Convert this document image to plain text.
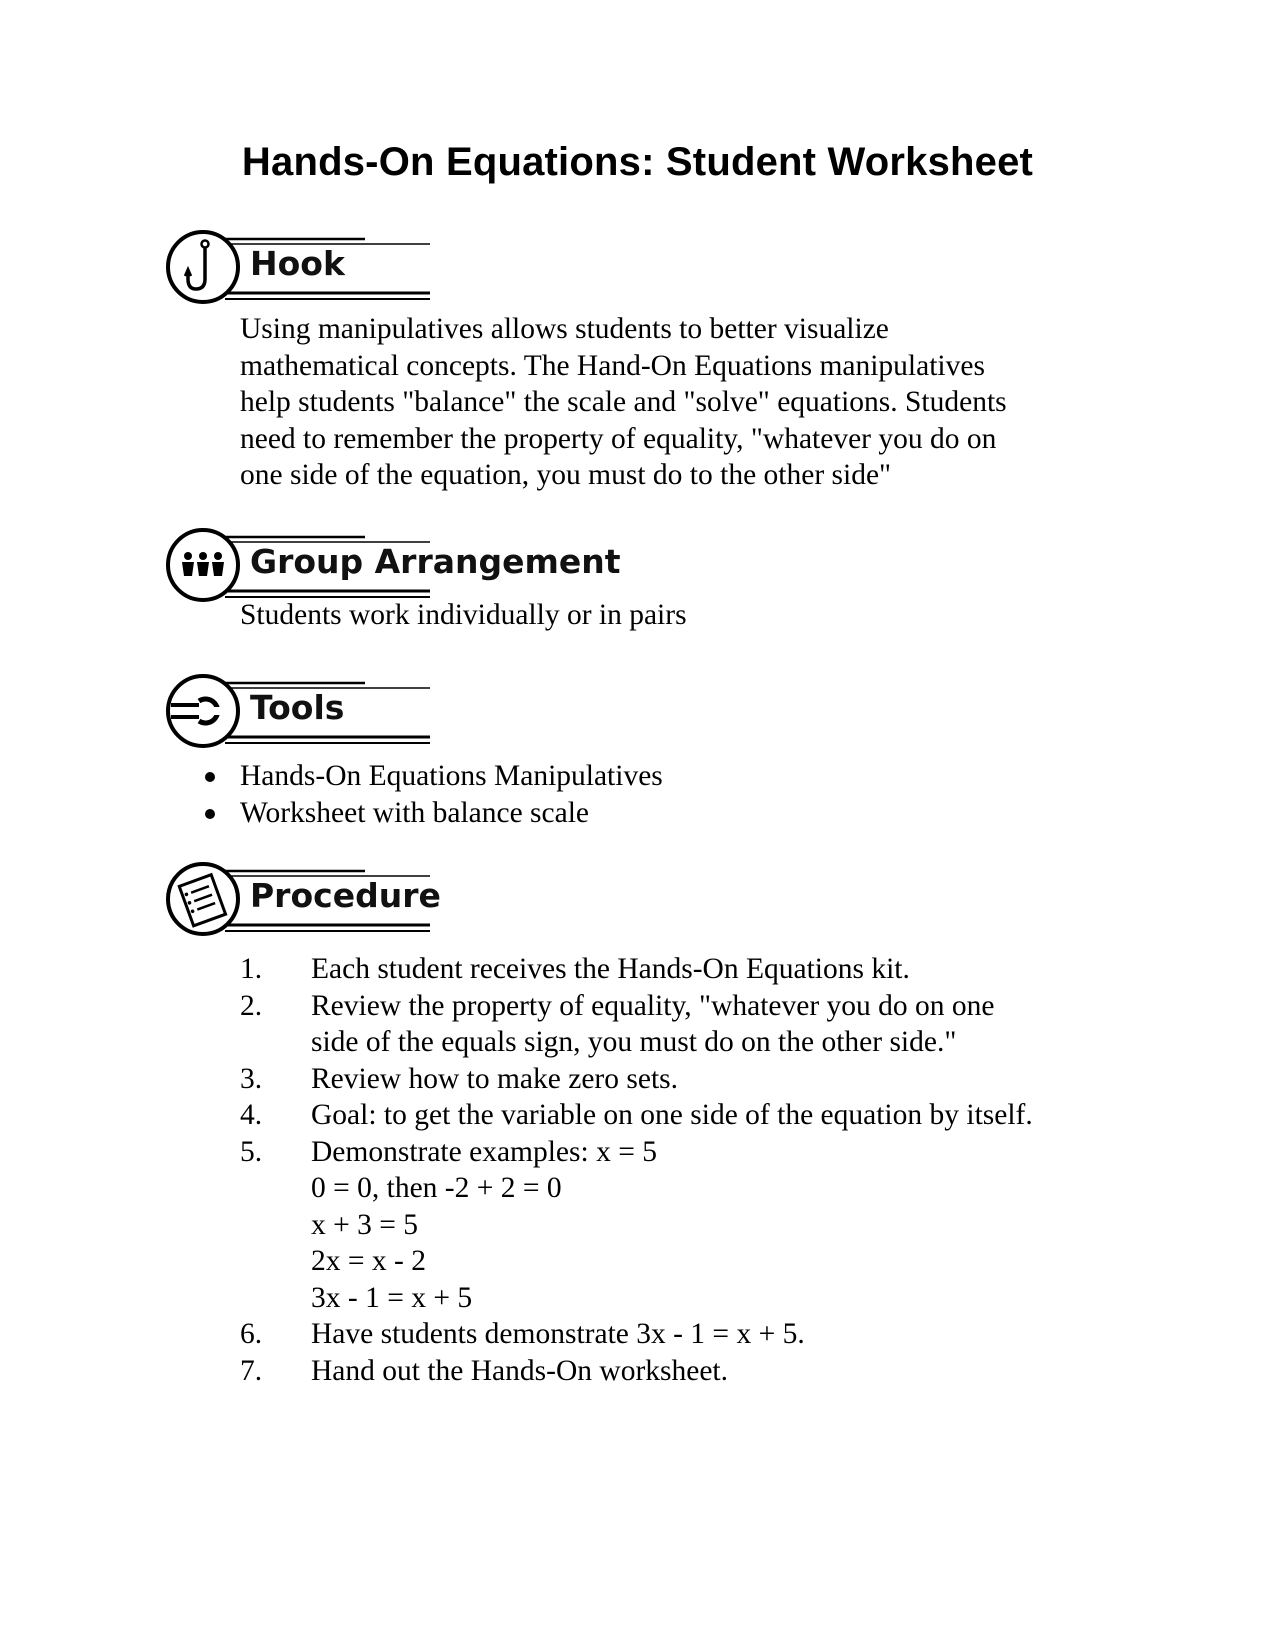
Hands-On Equations: Student Worksheet
Hook

Using manipulatives allows students to better visualize
mathematical concepts. The Hand-On Equations manipulatives
help students "balance" the scale and "solve" equations. Students
need to remember the property of equality, "whatever you do on
one side of the equation, you must do to the other side"

Group Arrangement

Students work individually or in pairs

Tools
Hands-On Equations Manipulatives
Worksheet with balance scale
Procedure
1. Each student receives the Hands-On Equations kit.
2. Review the property of equality, "whatever you do on one
side of the equals sign, you must do on the other side."
3. Review how to make zero sets.
4. Goal: to get the variable on one side of the equation by itself.
5. Demonstrate examples: x = 5
0 = 0, then -2 + 2 = 0
x + 3 = 5
2x = x - 2
3x - 1 = x + 5
6. Have students demonstrate 3x - 1 = x + 5.
7. Hand out the Hands-On worksheet.
